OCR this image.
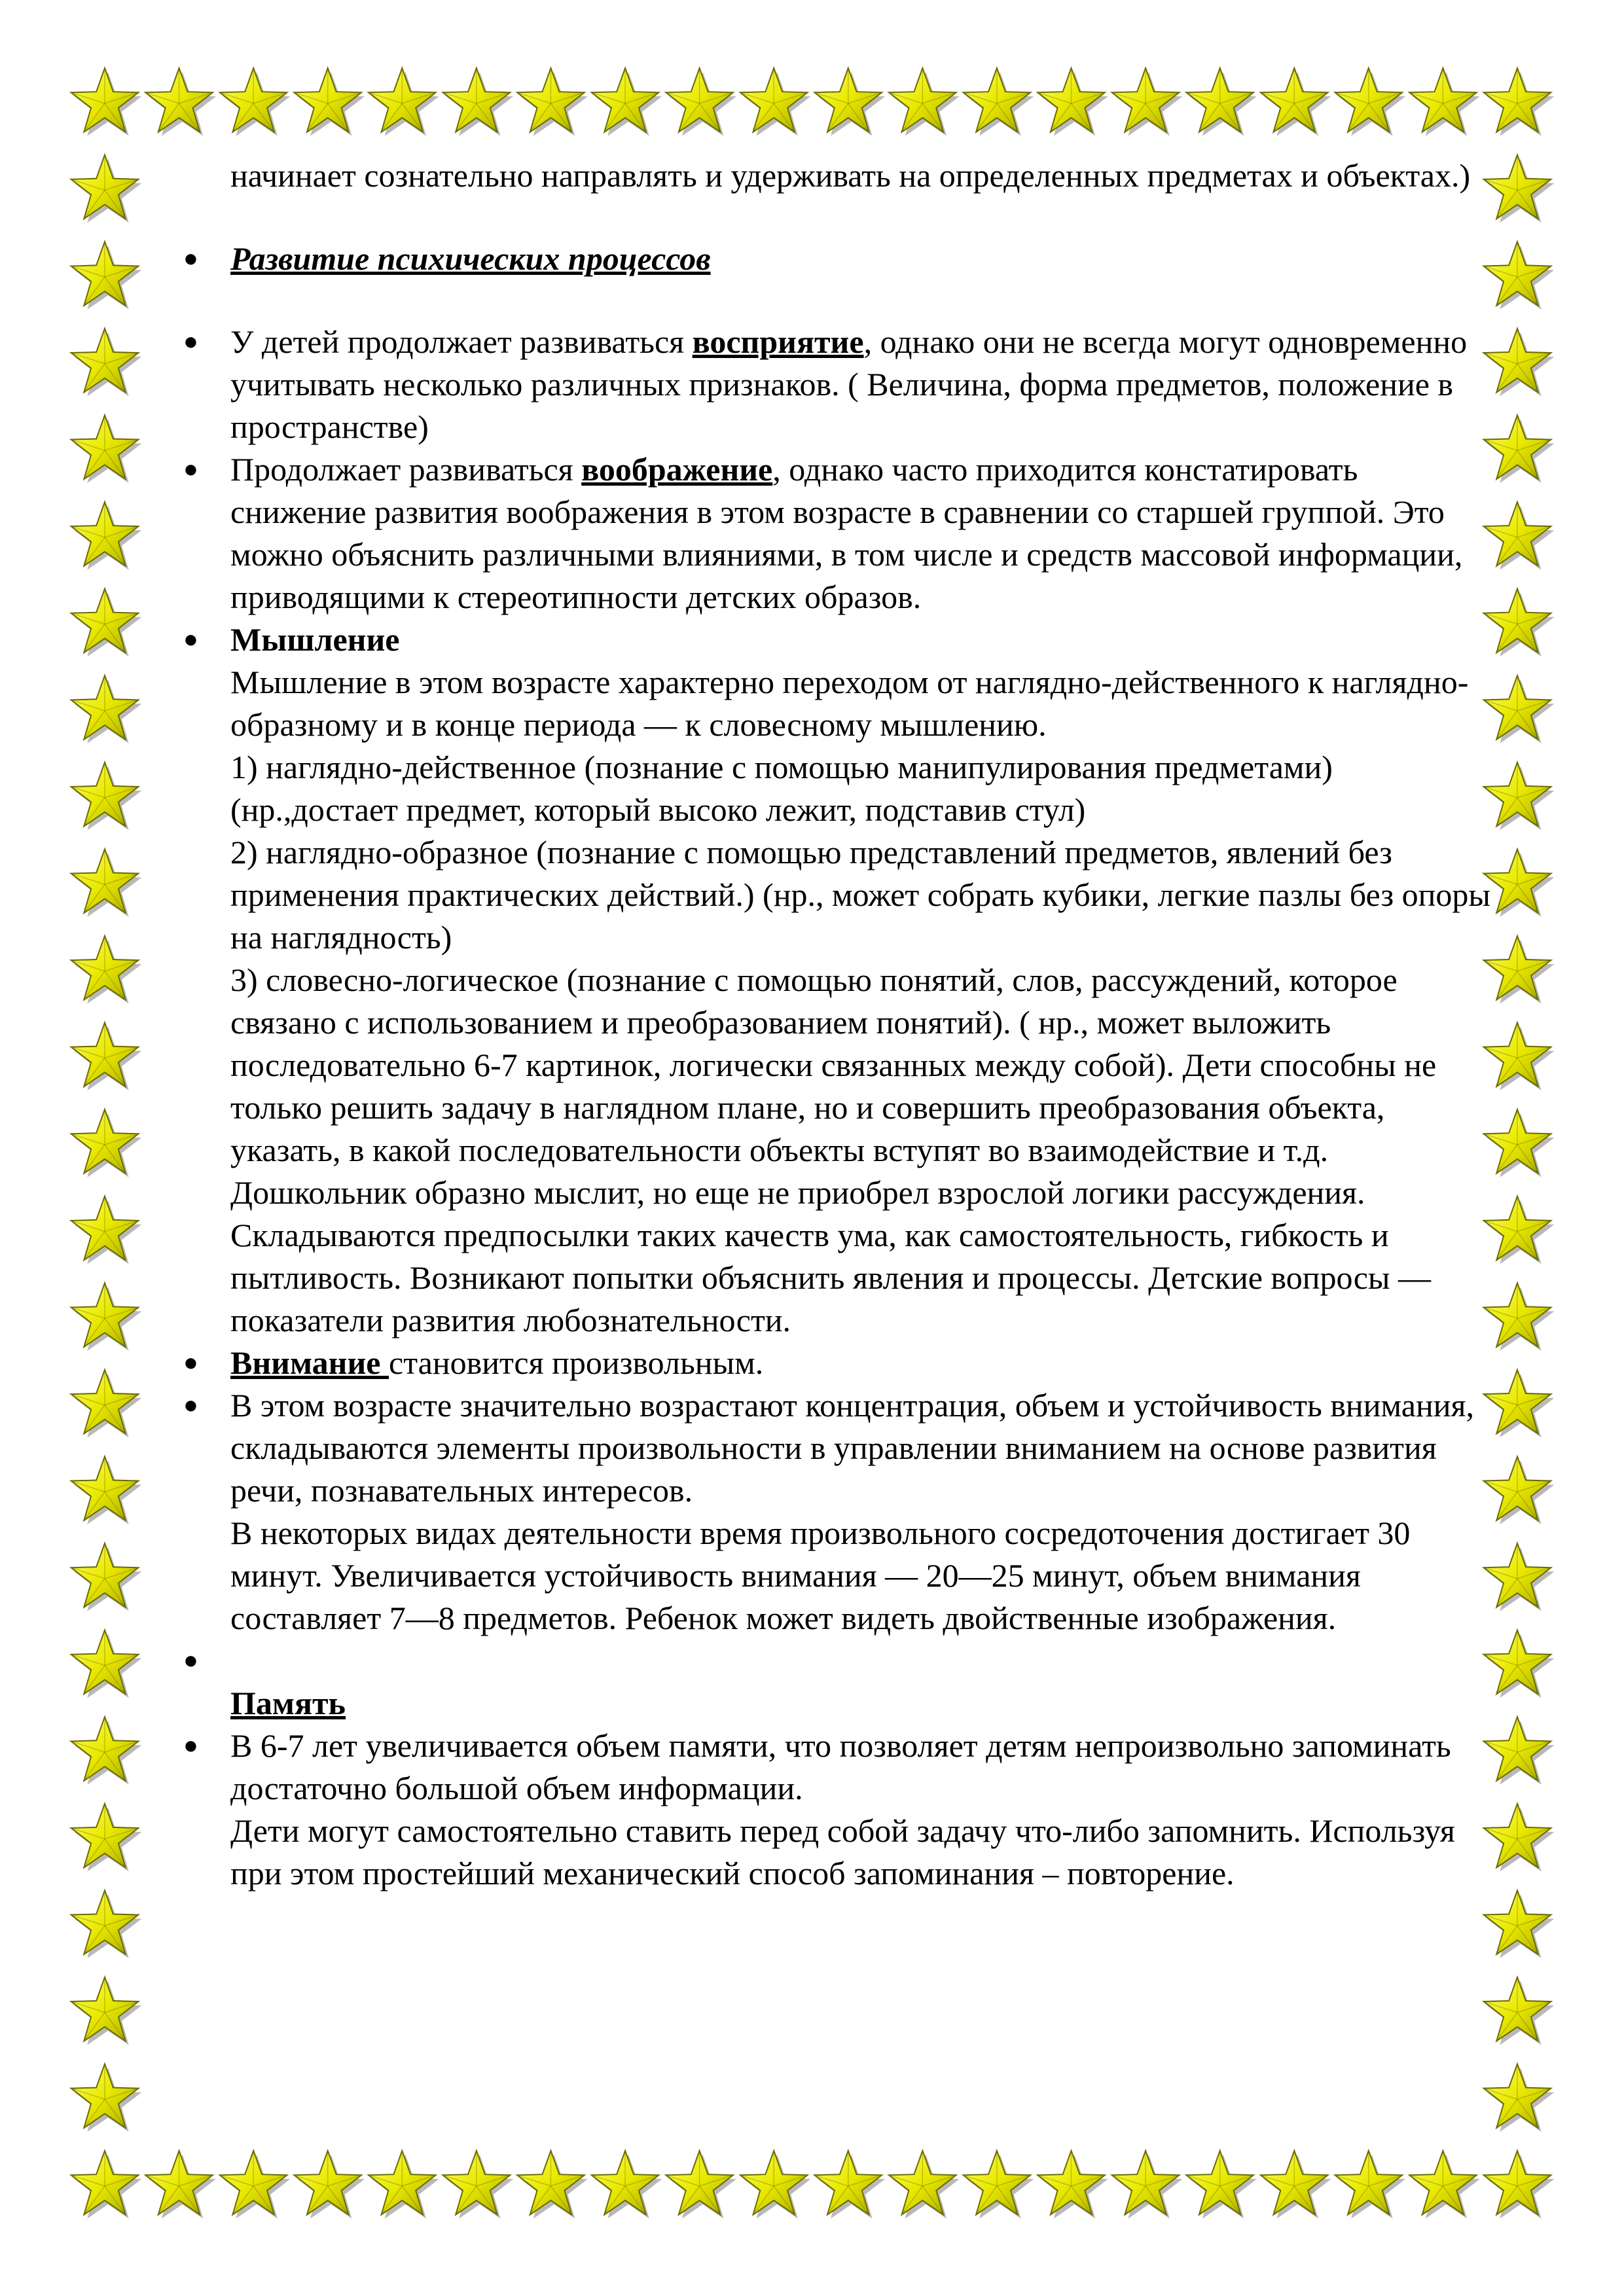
начинает сознательно направлять и удерживать на определенных предметах и объектах.)
● Развитие психических процессов
● У детей продолжает развиваться восприятие, однако они не всегда могут одновременно учитывать несколько различных признаков. ( Величина, форма предметов, положение в пространстве)
● Продолжает развиваться воображение, однако часто приходится констатировать снижение развития воображения в этом возрасте в сравнении со старшей группой. Это можно объяснить различными влияниями, в том числе и средств массовой информации, приводящими к стереотипности детских образов.
● Мышление
Мышление в этом возрасте характерно переходом от наглядно-действенного к наглядно-образному и в конце периода — к словесному мышлению.
1) наглядно-действенное (познание с помощью манипулирования предметами)(нр.,достает предмет, который высоко лежит, подставив стул)
2) наглядно-образное (познание с помощью представлений предметов, явлений без применения практических действий.) (нр., может собрать кубики, легкие пазлы без опоры на наглядность)
3) словесно-логическое (познание с помощью понятий, слов, рассуждений, которое связано с использованием и преобразованием понятий). ( нр., может выложить последовательно 6-7 картинок, логически связанных между собой). Дети способны не только решить задачу в наглядном плане, но и совершить преобразования объекта, указать, в какой последовательности объекты вступят во взаимодействие и т.д.
Дошкольник образно мыслит, но еще не приобрел взрослой логики рассуждения. Складываются предпосылки таких качеств ума, как самостоятельность, гибкость и пытливость. Возникают попытки объяснить явления и процессы. Детские вопросы — показатели развития любознательности.
● Внимание становится произвольным.
● В этом возрасте значительно возрастают концентрация, объем и устойчивость внимания, складываются элементы произвольности в управлении вниманием на основе развития речи, познавательных интересов.
В некоторых видах деятельности время произвольного сосредоточения достигает 30 минут. Увеличивается устойчивость внимания — 20—25 минут, объем внимания составляет 7—8 предметов. Ребенок может видеть двойственные изображения.
●
Память
● В 6-7 лет увеличивается объем памяти, что позволяет детям непроизвольно запоминать достаточно большой объем информации.
Дети могут самостоятельно ставить перед собой задачу что-либо запомнить. Используя при этом простейший механический способ запоминания – повторение.
